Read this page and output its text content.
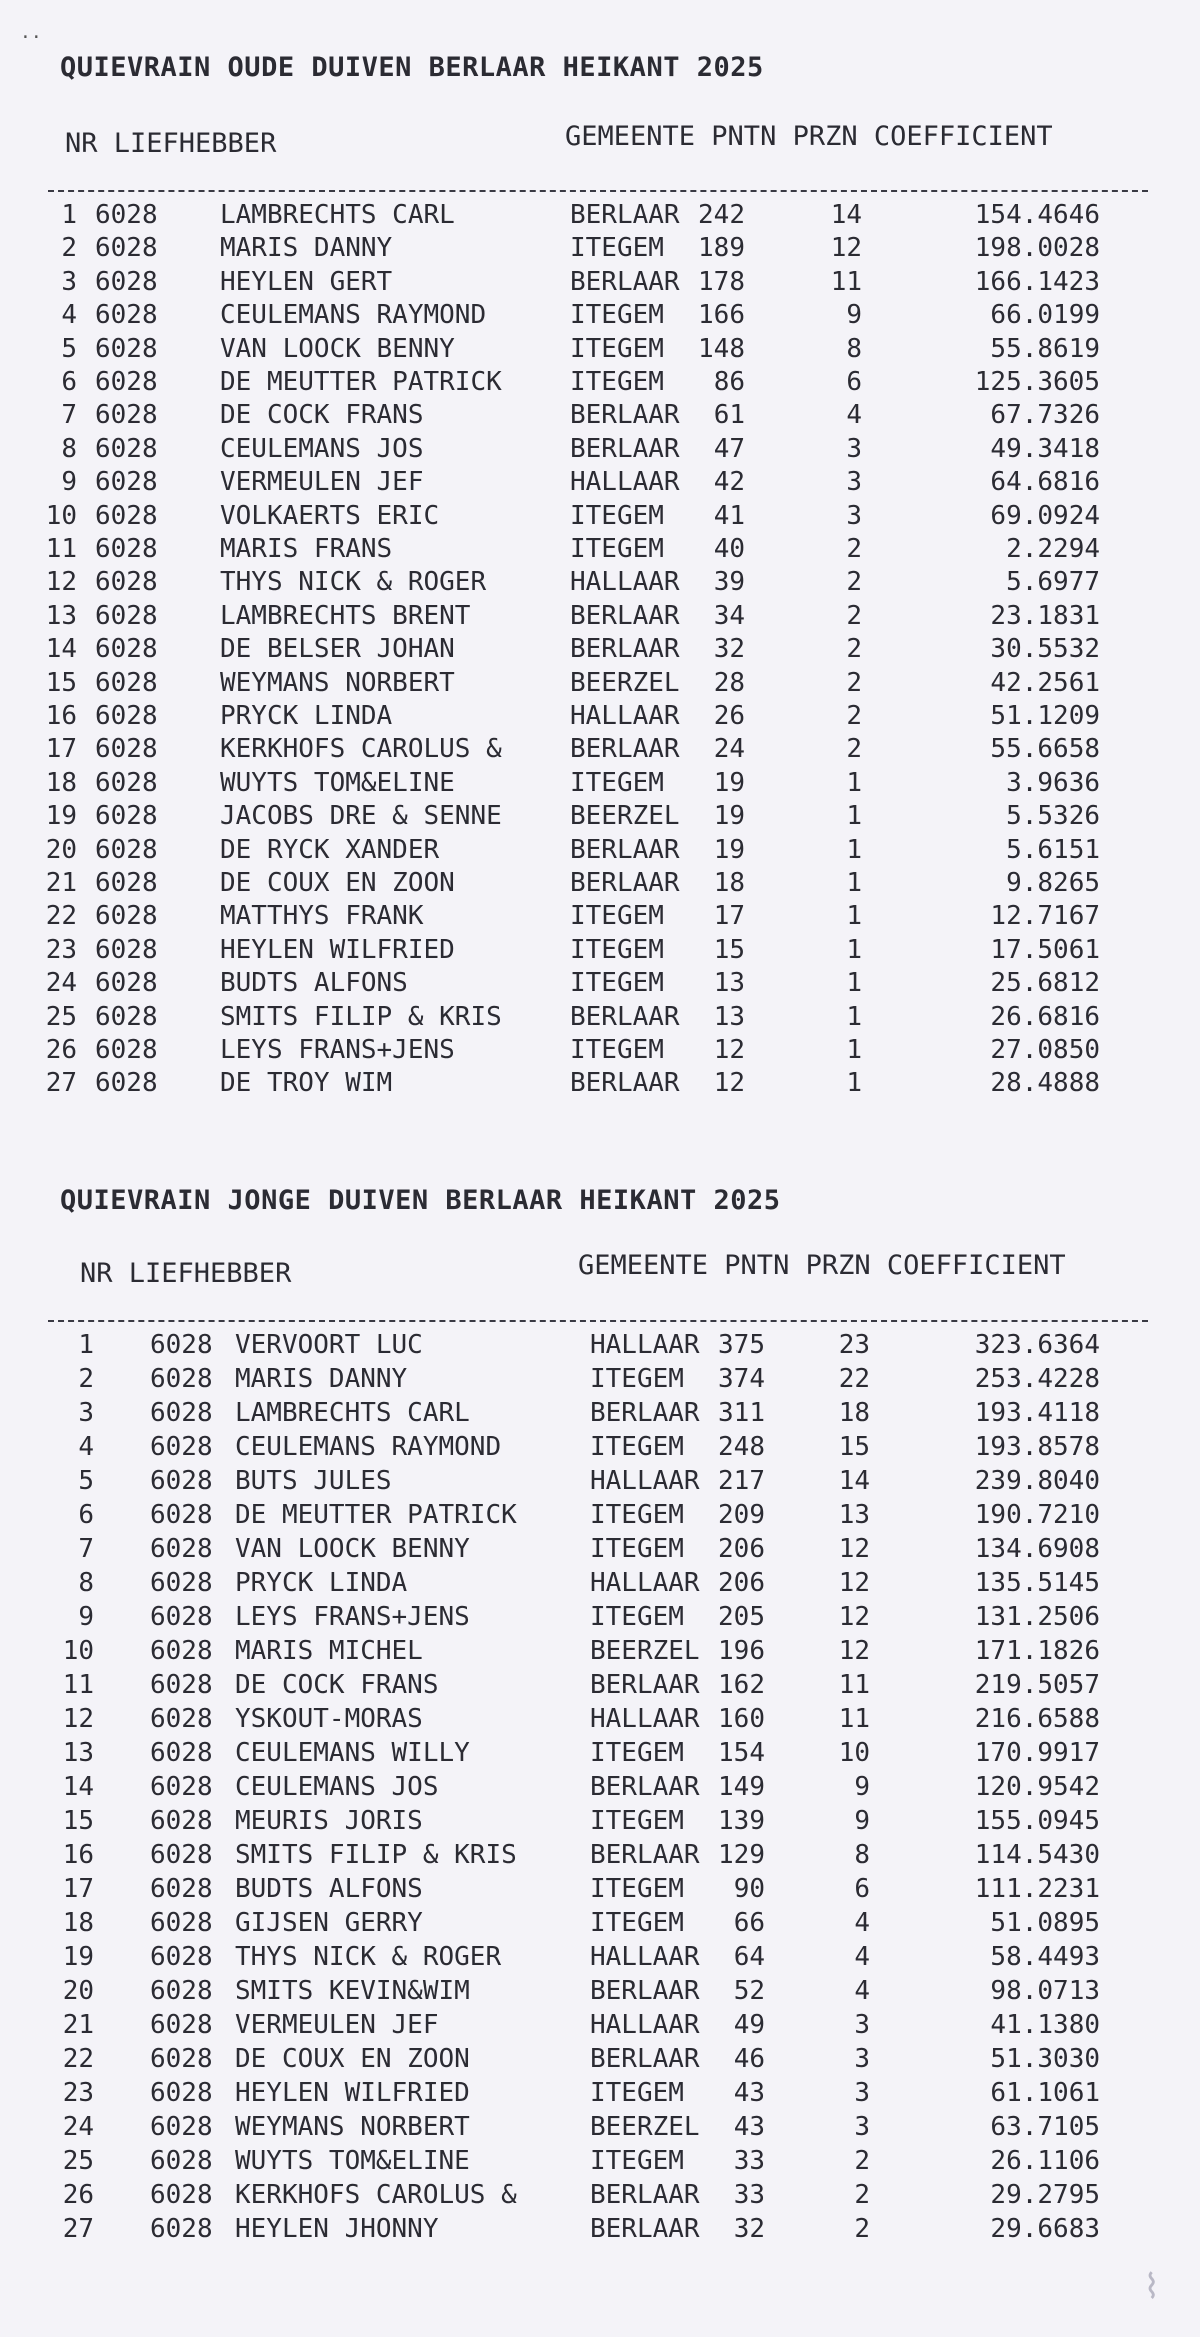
..
QUIEVRAIN OUDE DUIVEN BERLAAR HEIKANT 2025
NR LIEFHEBBER	GEMEENTE PNTN PRZN COEFFICIENT
1 6028 LAMBRECHTS CARL	BERLAAR 242	14	154.4646
2 6028 MARIS DANNY	ITEGEM	189	12	198.0028
3 6028 HEYLEN GERT	BERLAAR 178	11	166.1423
4 6028 CEULEMANS RAYMOND	ITEGEM	166	9	66.0199
5 6028 VAN LOOCK BENNY	ITEGEM	148	8	55.8619
6 6028 DE MEUTTER PATRICK	ITEGEM	86	6	125.3605
7 6028 DE COCK FRANS	BERLAAR	61	4	67.7326
8 6028 CEULEMANS JOS	BERLAAR	47	3	49.3418
9 6028 VERMEULEN JEF	HALLAAR	42	3	64.6816
10 6028 VOLKAERTS ERIC	ITEGEM	41	3	69.0924
11 6028 MARIS FRANS	ITEGEM	40	2	2.2294
12 6028 THYS NICK & ROGER	HALLAAR	39	2	5.6977
13 6028 LAMBRECHTS BRENT	BERLAAR	34	2	23.1831
14 6028 DE BELSER JOHAN	BERLAAR	32	2	30.5532
15 6028 WEYMANS NORBERT	BEERZEL	28	2	42.2561
16 6028 PRYCK LINDA	HALLAAR	26	2	51.1209
17 6028 KERKHOFS CAROLUS &	BERLAAR	24	2	55.6658
18 6028 WUYTS TOM&ELINE	ITEGEM	19	1	3.9636
19 6028 JACOBS DRE & SENNE	BEERZEL	19	1	5.5326
20 6028 DE RYCK XANDER	BERLAAR	19	1	5.6151
21 6028 DE COUX EN ZOON	BERLAAR	18	1	9.8265
22 6028 MATTHYS FRANK	ITEGEM	17	1	12.7167
23 6028 HEYLEN WILFRIED	ITEGEM	15	1	17.5061
24 6028 BUDTS ALFONS	ITEGEM	13	1	25.6812
25 6028 SMITS FILIP & KRIS	BERLAAR	13	1	26.6816
26 6028 LEYS FRANS+JENS	ITEGEM	12	1	27.0850
27 6028 DE TROY WIM	BERLAAR	12	1	28.4888
QUIEVRAIN JONGE DUIVEN BERLAAR HEIKANT 2025
NR LIEFHEBBER	GEMEENTE PNTN PRZN COEFFICIENT
1 6028 VERVOORT LUC	HALLAAR 375	23	323.6364
2 6028 MARIS DANNY	ITEGEM	374	22	253.4228
3 6028 LAMBRECHTS CARL	BERLAAR 311	18	193.4118
4 6028 CEULEMANS RAYMOND	ITEGEM	248	15	193.8578
5 6028 BUTS JULES	HALLAAR 217	14	239.8040
6 6028 DE MEUTTER PATRICK	ITEGEM	209	13	190.7210
7 6028 VAN LOOCK BENNY	ITEGEM	206	12	134.6908
8 6028 PRYCK LINDA	HALLAAR 206	12	135.5145
9 6028 LEYS FRANS+JENS	ITEGEM	205	12	131.2506
10 6028 MARIS MICHEL	BEERZEL 196	12	171.1826
11 6028 DE COCK FRANS	BERLAAR 162	11	219.5057
12 6028 YSKOUT-MORAS	HALLAAR 160	11	216.6588
13 6028 CEULEMANS WILLY	ITEGEM	154	10	170.9917
14 6028 CEULEMANS JOS	BERLAAR 149	9	120.9542
15 6028 MEURIS JORIS	ITEGEM	139	9	155.0945
16 6028 SMITS FILIP & KRIS	BERLAAR 129	8	114.5430
17 6028 BUDTS ALFONS	ITEGEM	90	6	111.2231
18 6028 GIJSEN GERRY	ITEGEM	66	4	51.0895
19 6028 THYS NICK & ROGER	HALLAAR	64	4	58.4493
20 6028 SMITS KEVIN&WIM	BERLAAR	52	4	98.0713
21 6028 VERMEULEN JEF	HALLAAR	49	3	41.1380
22 6028 DE COUX EN ZOON	BERLAAR	46	3	51.3030
23 6028 HEYLEN WILFRIED	ITEGEM	43	3	61.1061
24 6028 WEYMANS NORBERT	BEERZEL	43	3	63.7105
25 6028 WUYTS TOM&ELINE	ITEGEM	33	2	26.1106
26 6028 KERKHOFS CAROLUS &	BERLAAR	33	2	29.2795
27 6028 HEYLEN JHONNY	BERLAAR	32	2	29.6683
⌇
